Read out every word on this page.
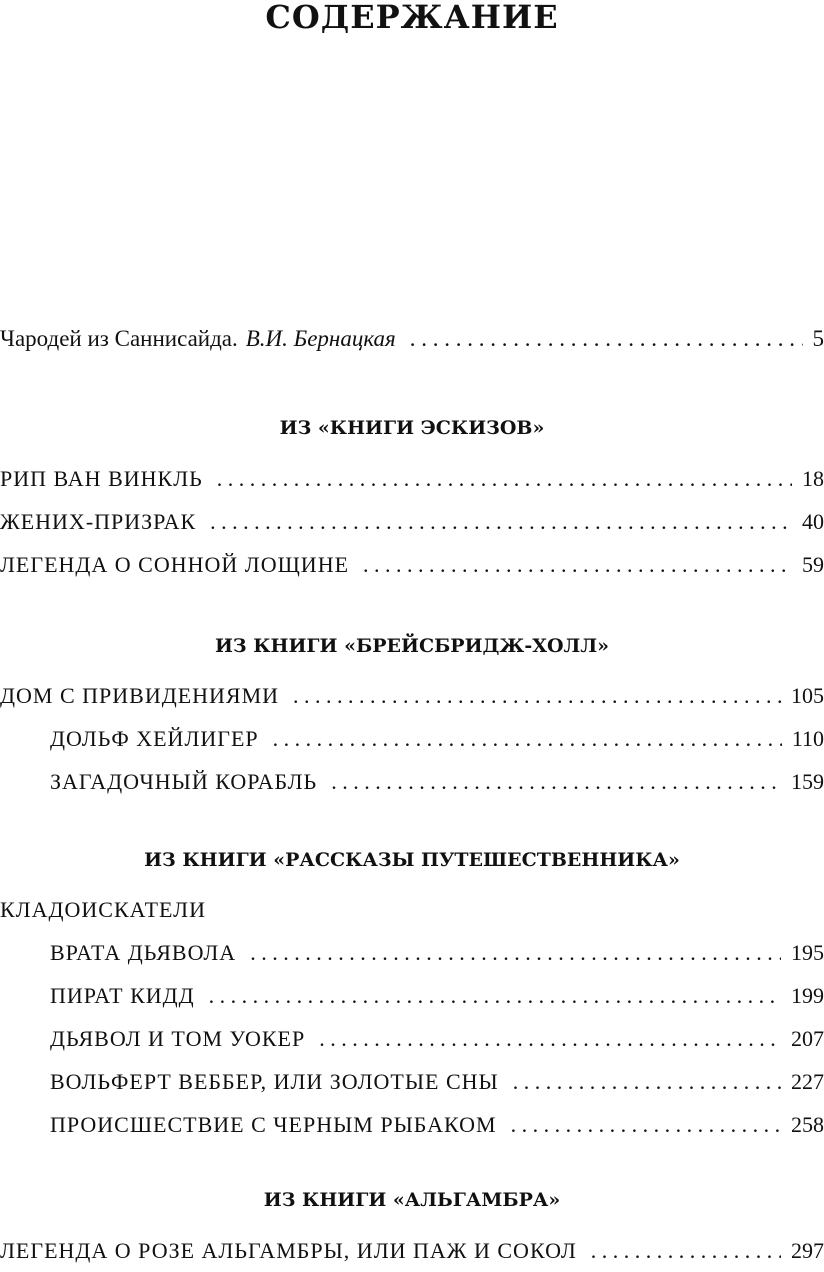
СОДЕРЖАНИЕ
Чародей из Саннисайда. В.И. Бернацкая . . .	5
ИЗ «КНИГИ ЭСКИЗОВ»
РИП ВАН ВИНКЛЬ . . .	18
ЖЕНИХ-ПРИЗРАК . . .	40
ЛЕГЕНДА О СОННОЙ ЛОЩИНЕ . . .	59
ИЗ КНИГИ «БРЕЙСБРИДЖ-ХОЛЛ»
ДОМ С ПРИВИДЕНИЯМИ . . .	105
ДОЛЬФ ХЕЙЛИГЕР . . .	110
ЗАГАДОЧНЫЙ КОРАБЛЬ . . .	159
ИЗ КНИГИ «РАССКАЗЫ ПУТЕШЕСТВЕННИКА»
КЛАДОИСКАТЕЛИ
ВРАТА ДЬЯВОЛА . . .	195
ПИРАТ КИДД . . .	199
ДЬЯВОЛ И ТОМ УОКЕР . . .	207
ВОЛЬФЕРТ ВЕББЕР, ИЛИ ЗОЛОТЫЕ СНЫ . . .	227
ПРОИСШЕСТВИЕ С ЧЕРНЫМ РЫБАКОМ . . .	258
ИЗ КНИГИ «АЛЬГАМБРА»
ЛЕГЕНДА О РОЗЕ АЛЬГАМБРЫ, ИЛИ ПАЖ И СОКОЛ . . .	297
